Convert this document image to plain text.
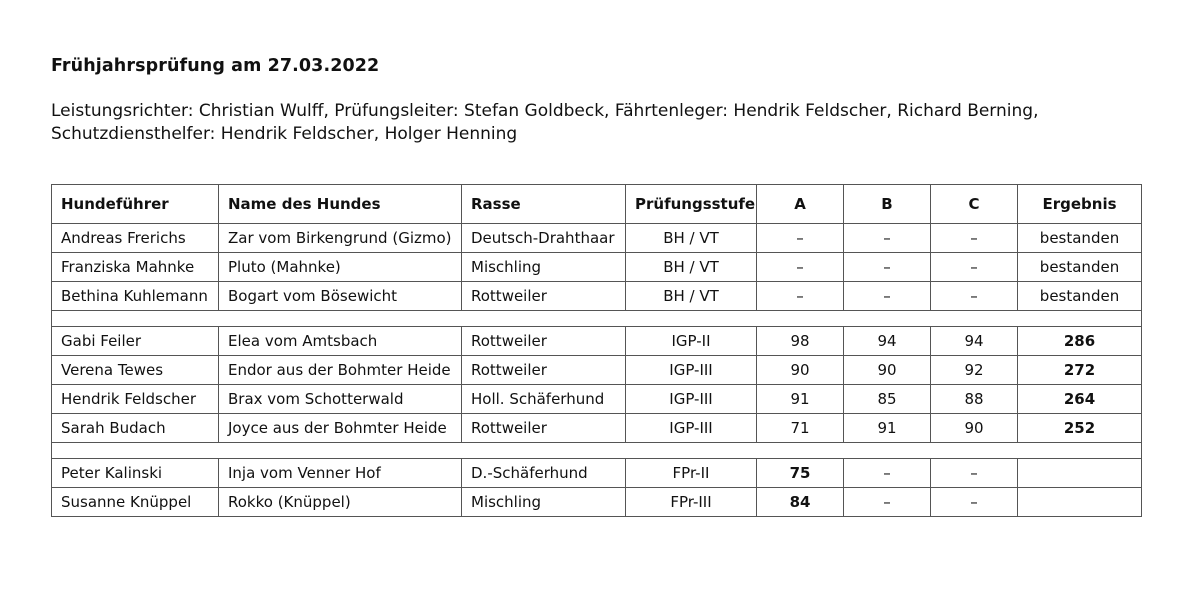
Frühjahrsprüfung am 27.03.2022

Leistungsrichter: Christian Wulff, Prüfungsleiter: Stefan Goldbeck, Fährtenleger: Hendrik Feldscher, Richard Berning, Schutzdiensthelfer: Hendrik Feldscher, Holger Henning

Hundeführer	Name des Hundes	Rasse	Prüfungsstufe	A	B	C	Ergebnis
Andreas Frerichs	Zar vom Birkengrund (Gizmo)	Deutsch-Drahthaar	BH / VT	–	–	–	bestanden
Franziska Mahnke	Pluto (Mahnke)	Mischling	BH / VT	–	–	–	bestanden
Bethina Kuhlemann	Bogart vom Bösewicht	Rottweiler	BH / VT	–	–	–	bestanden

Gabi Feiler	Elea vom Amtsbach	Rottweiler	IGP-II	98	94	94	286
Verena Tewes	Endor aus der Bohmter Heide	Rottweiler	IGP-III	90	90	92	272
Hendrik Feldscher	Brax vom Schotterwald	Holl. Schäferhund	IGP-III	91	85	88	264
Sarah Budach	Joyce aus der Bohmter Heide	Rottweiler	IGP-III	71	91	90	252

Peter Kalinski	Inja vom Venner Hof	D.-Schäferhund	FPr-II	75	–	–	
Susanne Knüppel	Rokko (Knüppel)	Mischling	FPr-III	84	–	–	
